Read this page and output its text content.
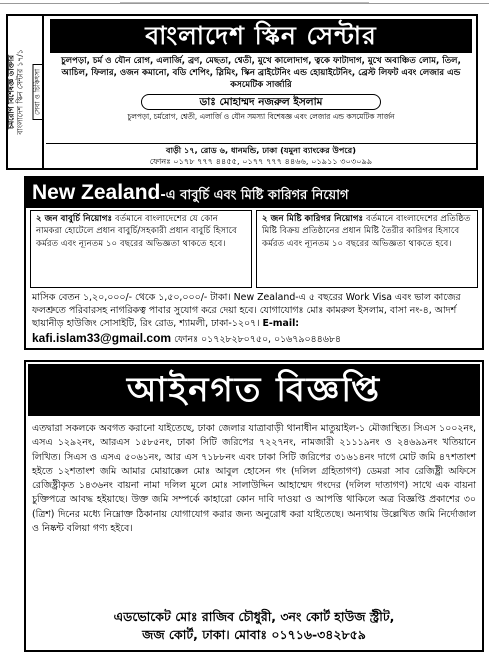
চর্মরোগ বিশেষজ্ঞ ডাক্তার বাংলাদেশ স্কিন সেন্টার ১৭/১ সেবা ও চিকিৎসা
বাংলাদেশ স্কিন সেন্টার
চুলপড়া, চর্ম ও যৌন রোগ, এলার্জি, ব্রণ, মেছতা, শ্বেতী, মুখে কালোদাগ, ত্বকে ফাটাদাগ, মুখে অবাঞ্চিত লোম, তিল, আচিল, ফিলার, ওজন কমানো, বডি শেপিং, স্লিমিং, স্কিন ব্রাইটেনিং এন্ড হোয়াইটেনিং, ব্রেস্ট লিফট এবং লেজার এন্ড কসমেটিক সার্জারি
ডাঃ মোহাম্মদ নজরুল ইসলাম
চুলপড়া, চর্মরোগ, শ্বেতী, এলার্জি ও যৌন সমস্যা বিশেষজ্ঞ এবং লেজার এন্ড কসমেটিক সার্জন
বাড়ী ১৭, রোড ৬, ধানমন্ডি, ঢাকা (যমুনা ব্যাংকের উপরে)
ফোনঃ ০১৭৮ ৭৭৭ ৪৪৫৫, ০১৭৭ ৭৭৭ ৪৪৬৬, ০১৯১১ ৩০৩০৯৯
New Zealand-এ বাবুর্চি এবং মিষ্টি কারিগর নিয়োগ
২ জন বাবুর্চি নিয়োগঃ বর্তমানে বাংলাদেশের যে কোন নামকরা হোটেলে প্রধান বাবুর্চি/সহকারী প্রধান বাবুর্চি হিসাবে কর্মরত এবং ন্যূনতম ১০ বছরের অভিজ্ঞতা থাকতে হবে।
২ জন মিষ্টি কারিগর নিয়োগঃ বর্তমানে বাংলাদেশের প্রতিষ্ঠিত মিষ্টি বিক্রয় প্রতিষ্ঠানের প্রধান মিষ্টি তৈরীর কারিগর হিসাবে কর্মরত এবং ন্যূনতম ১০ বছরের অভিজ্ঞতা থাকতে হবে।
মাসিক বেতন ১,২০,০০০/- থেকে ১,৫০,০০০/- টাকা। New Zealand-এ ৫ বছরের Work Visa এবং ভাল কাজের ফলশ্রুতে পরিবারসহ নাগরিকত্ব পাবার সুযোগ করে দেয়া হবে। যোগাযোগঃ মোঃ কামরুল ইসলাম, বাসা নং-৪, আদর্শ ছায়ানীড় হাউজিং সোসাইটি, রিং রোড, শ্যামলী, ঢাকা-১২০৭। E-mail:
kafi.islam33@gmail.com ফোনঃ ০১৭২৮২৮০৭৫০, ০১৬৭৯০৪৪৬৮৪
আইনগত বিজ্ঞপ্তি
এতদ্বারা সকলকে অবগত করানো যাইতেছে, ঢাকা জেলার যাত্রাবাড়ী থানাধীন মাতুয়াইল-১ মৌজাস্থিত। সিএস ১০০২নং, এসএ ১২৯২নং, আরএস ১৫৮৫নং, ঢাকা সিটি জরিপের ৭২২৭নং, নামজারী ২১১১৯নং ও ২৪৬৯৯নং খতিয়ানে লিখিত। সিএস ও এসএ ৫০৬১নং, আর এস ৭১৮৮নং এবং ঢাকা সিটি জরিপের ৩১৬১৪নং দাগে মোট জমি ৪৭শতাংশ হইতে ১২শতাংশ জমি আমার মোয়াক্কেল মোঃ আবুল হোসেন গং (দলিল গ্রহিতাগণ) ডেমরা সাব রেজিষ্ট্রী অফিসে রেজিষ্ট্রীকৃত ১৪৩৬নং বায়না নামা দলিল মূলে মোঃ সালাউদ্দিন আহাম্মেদ গংদের (দলিল দাতাগণ) সাথে এক বায়না চুক্তিপত্রে আবদ্ধ হইয়াছে। উক্ত জমি সম্পর্কে কাহারো কোন দাবি দাওয়া ও আপত্তি থাকিলে অত্র বিজ্ঞপ্তি প্রকাশের ৩০ (ত্রিশ) দিনের মধ্যে নিম্নোক্ত ঠিকানায় যোগাযোগ করার জন্য অনুরোধ করা যাইতেছে। অন্যথায় উল্লেখিত জমি নির্দোজাল ও নিষ্কন্ট বলিয়া গণ্য হইবে।
এডভোকেট মোঃ রাজিব চৌধুরী, ৩নং কোর্ট হাউজ স্ট্রীট,
জজ কোর্ট, ঢাকা। মোবাঃ ০১৭১৬-৩৪২৮৫৯
